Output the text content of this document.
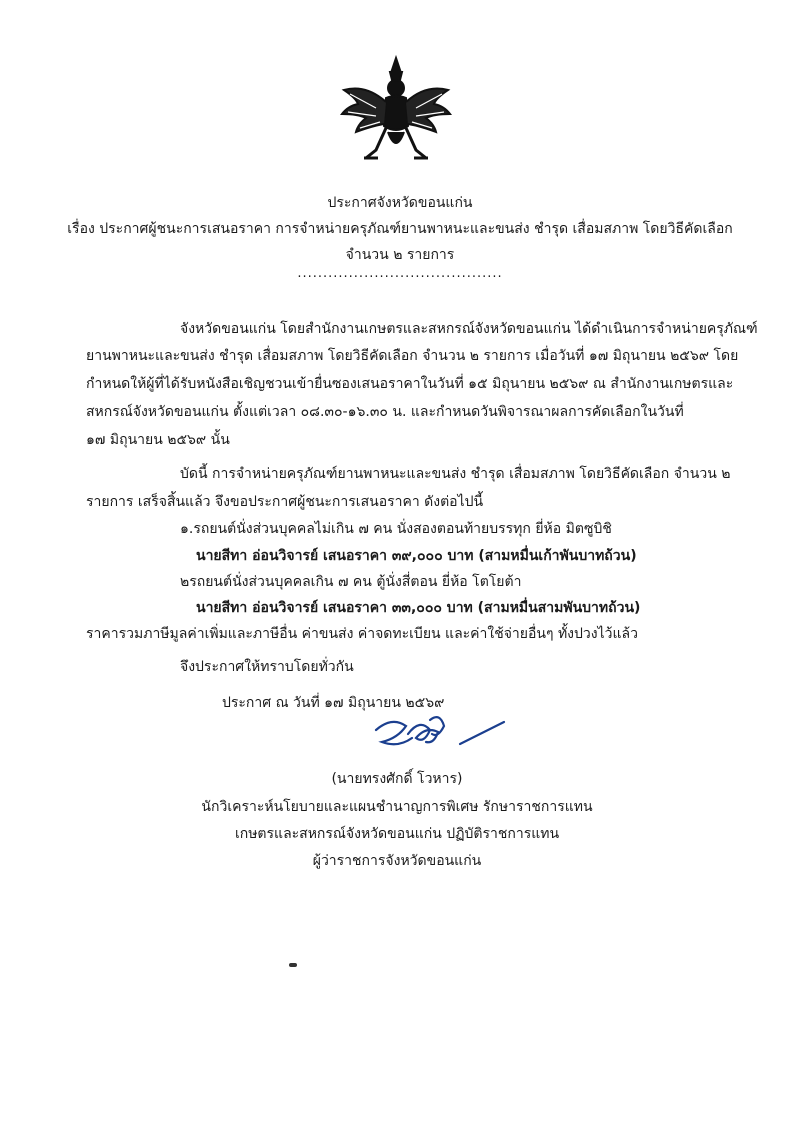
ประกาศจังหวัดขอนแก่น
เรื่อง ประกาศผู้ชนะการเสนอราคา การจำหน่ายครุภัณฑ์ยานพาหนะและขนส่ง ชำรุด เสื่อมสภาพ โดยวิธีคัดเลือก
จำนวน ๒ รายการ
........................................
จังหวัดขอนแก่น โดยสำนักงานเกษตรและสหกรณ์จังหวัดขอนแก่น ได้ดำเนินการจำหน่ายครุภัณฑ์
ยานพาหนะและขนส่ง ชำรุด เสื่อมสภาพ โดยวิธีคัดเลือก จำนวน ๒ รายการ เมื่อวันที่ ๑๗ มิถุนายน ๒๕๖๙ โดย
กำหนดให้ผู้ที่ได้รับหนังสือเชิญชวนเข้ายื่นซองเสนอราคาในวันที่ ๑๕ มิถุนายน ๒๕๖๙ ณ สำนักงานเกษตรและ
สหกรณ์จังหวัดขอนแก่น ตั้งแต่เวลา ๐๘.๓๐-๑๖.๓๐ น. และกำหนดวันพิจารณาผลการคัดเลือกในวันที่
๑๗ มิถุนายน ๒๕๖๙ นั้น
บัดนี้ การจำหน่ายครุภัณฑ์ยานพาหนะและขนส่ง ชำรุด เสื่อมสภาพ โดยวิธีคัดเลือก จำนวน ๒
รายการ เสร็จสิ้นแล้ว จึงขอประกาศผู้ชนะการเสนอราคา ดังต่อไปนี้
๑.รถยนต์นั่งส่วนบุคคลไม่เกิน ๗ คน นั่งสองตอนท้ายบรรทุก ยี่ห้อ มิตซูบิชิ
นายสีทา อ่อนวิจารย์ เสนอราคา ๓๙,๐๐๐ บาท (สามหมื่นเก้าพันบาทถ้วน)
๒รถยนต์นั่งส่วนบุคคลเกิน ๗ คน ตู้นั่งสี่ตอน ยี่ห้อ โตโยต้า
นายสีทา อ่อนวิจารย์ เสนอราคา ๓๓,๐๐๐ บาท (สามหมื่นสามพันบาทถ้วน)
ราคารวมภาษีมูลค่าเพิ่มและภาษีอื่น ค่าขนส่ง ค่าจดทะเบียน และค่าใช้จ่ายอื่นๆ ทั้งปวงไว้แล้ว
จึงประกาศให้ทราบโดยทั่วกัน
ประกาศ ณ วันที่ ๑๗ มิถุนายน ๒๕๖๙
(นายทรงศักดิ์ โวหาร)
นักวิเคราะห์นโยบายและแผนชำนาญการพิเศษ รักษาราชการแทน
เกษตรและสหกรณ์จังหวัดขอนแก่น ปฏิบัติราชการแทน
ผู้ว่าราชการจังหวัดขอนแก่น
